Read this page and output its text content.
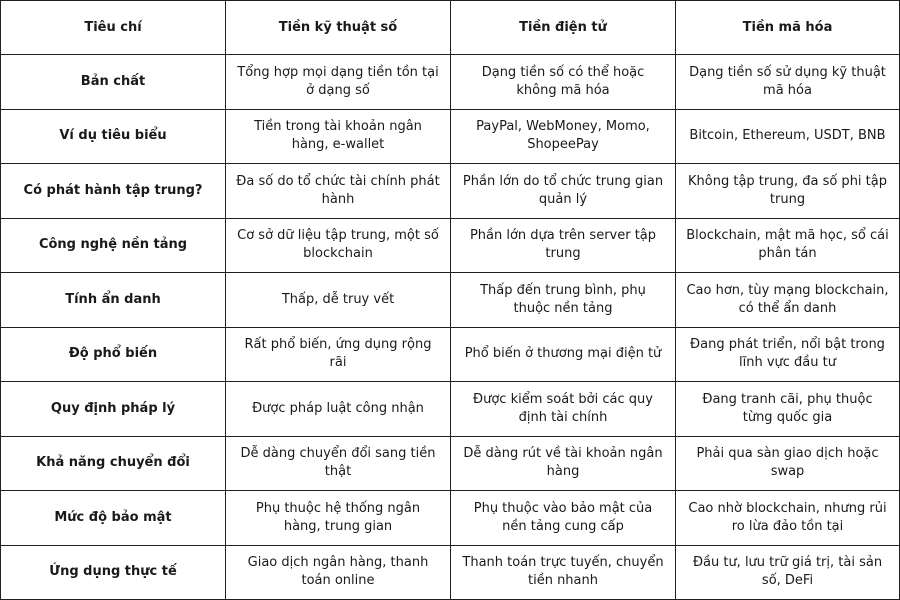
Tiêu chí	Tiền kỹ thuật số	Tiền điện tử	Tiền mã hóa
Bản chất	Tổng hợp mọi dạng tiền tồn tại ở dạng số	Dạng tiền số có thể hoặc không mã hóa	Dạng tiền số sử dụng kỹ thuật mã hóa
Ví dụ tiêu biểu	Tiền trong tài khoản ngân hàng, e-wallet	PayPal, WebMoney, Momo, ShopeePay	Bitcoin, Ethereum, USDT, BNB
Có phát hành tập trung?	Đa số do tổ chức tài chính phát hành	Phần lớn do tổ chức trung gian quản lý	Không tập trung, đa số phi tập trung
Công nghệ nền tảng	Cơ sở dữ liệu tập trung, một số blockchain	Phần lớn dựa trên server tập trung	Blockchain, mật mã học, sổ cái phân tán
Tính ẩn danh	Thấp, dễ truy vết	Thấp đến trung bình, phụ thuộc nền tảng	Cao hơn, tùy mạng blockchain, có thể ẩn danh
Độ phổ biến	Rất phổ biến, ứng dụng rộng rãi	Phổ biến ở thương mại điện tử	Đang phát triển, nổi bật trong lĩnh vực đầu tư
Quy định pháp lý	Được pháp luật công nhận	Được kiểm soát bởi các quy định tài chính	Đang tranh cãi, phụ thuộc từng quốc gia
Khả năng chuyển đổi	Dễ dàng chuyển đổi sang tiền thật	Dễ dàng rút về tài khoản ngân hàng	Phải qua sàn giao dịch hoặc swap
Mức độ bảo mật	Phụ thuộc hệ thống ngân hàng, trung gian	Phụ thuộc vào bảo mật của nền tảng cung cấp	Cao nhờ blockchain, nhưng rủi ro lừa đảo tồn tại
Ứng dụng thực tế	Giao dịch ngân hàng, thanh toán online	Thanh toán trực tuyến, chuyển tiền nhanh	Đầu tư, lưu trữ giá trị, tài sản số, DeFi
